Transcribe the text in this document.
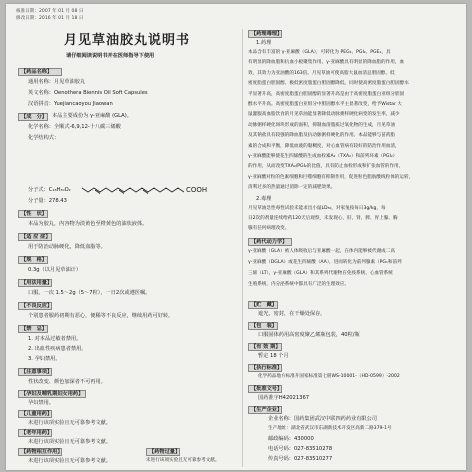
核准日期：2007 年 01 月 08 日
修改日期：2016 年 01 月 18 日
月见草油胶丸说明书
请仔细阅读说明书并在医师指导下使用
【药品名称】
通用名称：月见草油胶丸
英文名称：Oenothera Biennis Oil Soft Capsules
汉语拼音：Yuejiancaoyou Jiaowan
【成　分】 本品主要成份为 γ-亚麻酸 (GLA)。
化学名称：全顺式-6,9,12-十八碳三烯酸
化学结构式：
COOH
分子式：C₁₈H₃₀O₂
分子量：278.43
【性　状】
本品为胶丸，内容物为淡黄色至橙黄色的油状液体。
【适 应 症】
用于防治动脉硬化，降低血脂等。
【规　格】
0.3g（以月见草油计）
【用法用量】
口服。一次 1.5～2g（5～7粒），一日2次或遵医嘱。
【不良反应】
个别患者服药初期有恶心，便稀等不良反应，继续用药可好转。
【禁　忌】
1. 对本品过敏者禁用。
2. 出血性疾病患者禁用。
3. 孕妇禁用。
【注意事项】
性状改变、颜色加深者不可再用。
【孕妇及哺乳期妇女用药】
孕妇禁用。
【儿童用药】
未进行该项实验且无可靠参考文献。
【老年用药】
未进行该项实验且无可靠参考文献。
【药物相互作用】
未进行该项实验且无可靠参考文献。
【药物过量】
未进行该项实验且无可靠参考文献。
【药理毒理】
1.药理
本品含有丰富的 γ-亚麻酸（GLA），可转化为 PEG₁、PGI₂、PGE₁，具
有明显的降血脂和抗血小板聚集作用。γ-亚麻酸具有明显的降血脂的作用，血
效，其效力为亚油酸的163倍。月见草油可使高脂大鼠血清总胆固醇、低
密度脂蛋白胆固醇、极低密度脂蛋白胆固醇降低，同时使高密度脂蛋白胆固醇水
平显著升高，高密度脂蛋白胆固醇的显著升高是由于高密度脂蛋白亚组分胆固
醇水平升高。高密度脂蛋白亚组分中胆固醇水平主显著改变，给予Wistar 大
鼠灌服高血脂饮食的月见草油能显著降低动脉粥样硬化病变的发生率，减少
动脉粥样硬化斑块形成的面积，抑制血清脂质过氧化物的生成，月见草油
及其钠盐具有较强的降血脂及抗动脉粥样硬化的作用。本品能够与苗药脂
素的合成和平衡，降低血液的黏稠度，对心血管病有较好的防治作用血清，
γ-亚麻酸能够使花生四烯酸的生成血栓素A₂（TXA₂）和前列环素（PGI₂）
的作用，从而改变TXA₂/PGI₂的比值，具有防止血栓形成和扩张血管的作用。
γ-亚麻酸对粒的色素细胞和巨噬细胞有抑制作用，促进粒色脂肪酸线粒体的运转，
清利过多的热量通过消除一定的减肥效果。
2.毒理
月见草油急性毒性试验未能求出小鼠LD₅₀，对家兔按每日3g/kg，每
日2次的剂量连续给药120天后观察，未发现心、肝、肾、脾、胃上腺、胸
腺有任何病理改变。
【药代动力学】
γ-亚麻酸（GLA）被人体吸收后与亚麻酸一起，在体内能够被代谢成二高
γ-亚麻酸（DGLA）或花生四烯酸（AA），进而转化为前列腺素（PG₁和前列
三烯（LT），γ-亚麻酸（GLA）和其系列代谢物在免疫系统、心血管系统
生殖系统，内分泌系统中都具有广泛的生理效应。
【贮　藏】
遮光，密封，在干燥处保存。
【包　装】
口服固体药用高密度聚乙烯瓶包装，40粒/瓶
【有 效 期】
暂定 18 个月
【执行标准】
化学药品地方标准升国家标准第七册WS-10001-（HD-0599）-2002
【批准文号】
国药准字H42021367
【生产企业】
企业名称：国药集团武汉中联四药药业有限公司
生产地址：湖北省武汉市东湖新技术开发区高新二路379-1号
邮政编码：430000
电话号码：027-83510278
传真号码：027-83510277
